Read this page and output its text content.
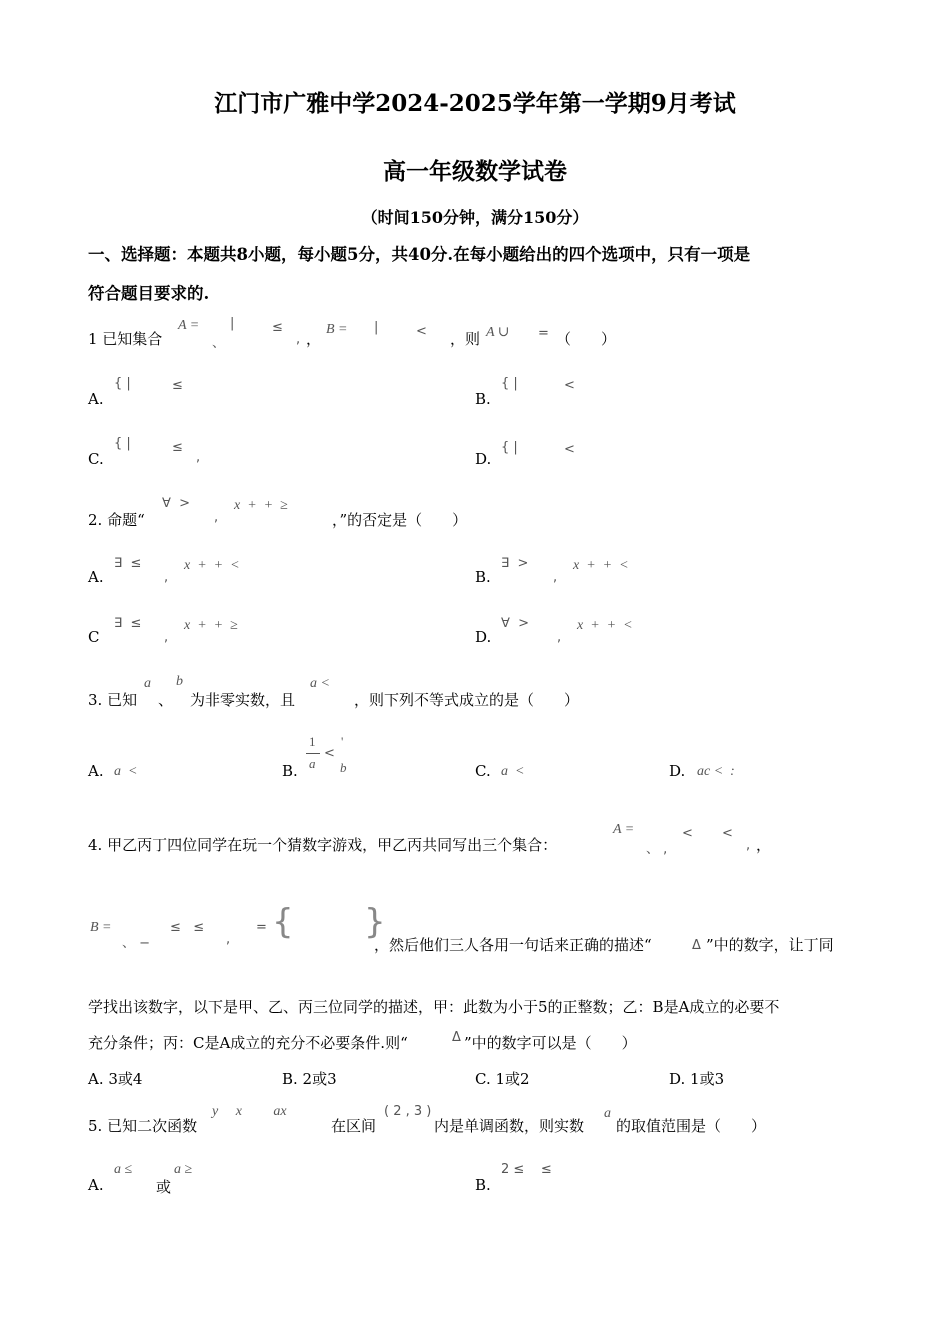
江门市广雅中学2024-2025学年第一学期9月考试
高一年级数学试卷
（时间150分钟，满分150分）
一、选择题：本题共8小题，每小题5分，共40分.在每小题给出的四个选项中，只有一项是
符合题目要求的.
1 已知集合
A =
、
|	≤
, ，
B = |	< ，则 A ∪ = （　　）
A.
{ |	≤
B.
{ |	<
C.
{ |	≤
,	D.
{ |	<
2. 命题“
∀  >
,
x  +  +  ≥
，”的否定是（　　）
A.
∃  ≤
,
x  +  +  <
B.
∃  >
,
x  +  +  <
C
∃  ≤
,
x  +  +  ≥
D.
∀  >
,
x  +  +  <
3. 已知
a
、
b
为非零实数，且
a <
，则下列不等式成立的是（　　）
A. a  <	B.
1
a
<
'
b	C. a  <	D. ac <  :
4. 甲乙丙丁四位同学在玩一个猜数字游戏，甲乙丙共同写出三个集合：
A =
、 ,
< <
, ，
B =
、 −
≤   ≤
,
= { }
，然后他们三人各用一句话来正确的描述“	Δ ”中的数字，让丁同
学找出该数字，以下是甲、乙、丙三位同学的描述，甲：此数为小于5的正整数；乙：B是A成立的必要不
充分条件；丙：C是A成立的充分不必要条件.则“	Δ ”中的数字可以是（　　）
A. 3或4	B. 2或3	C. 1或2	D. 1或3
5. 已知二次函数
y     x         ax
在区间
( 2 , 3 )
内是单调函数，则实数
a
的取值范围是（　　）
A.
a ≤
或
a ≥
B.
2 ≤    ≤
